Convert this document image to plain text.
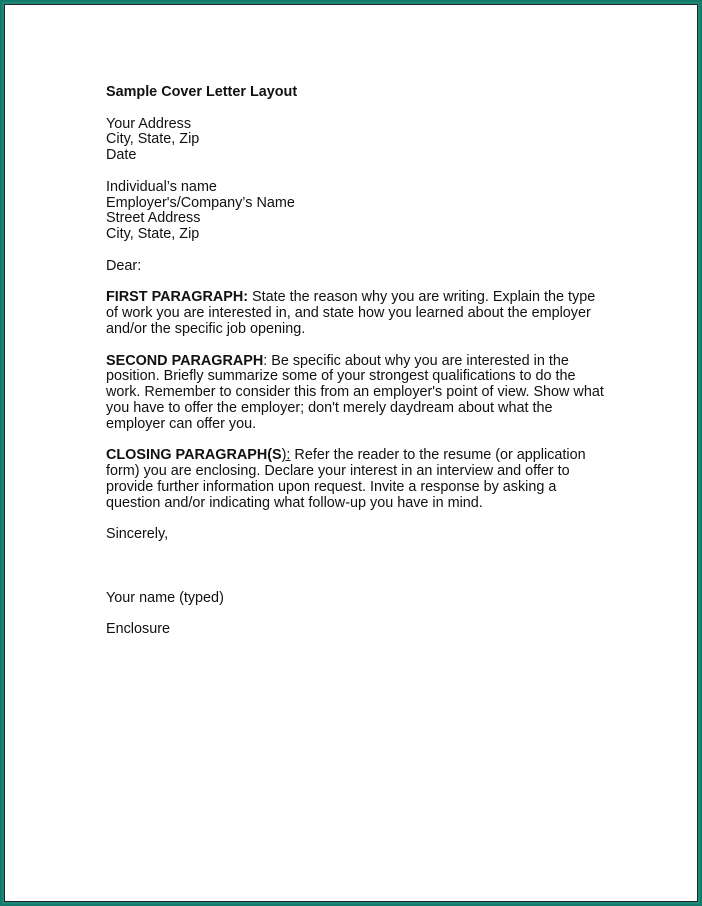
Sample Cover Letter Layout

Your Address
City, State, Zip
Date

Individual’s name
Employer's/Company’s Name
Street Address
City, State, Zip

Dear:

FIRST PARAGRAPH: State the reason why you are writing. Explain the type of work you are interested in, and state how you learned about the employer and/or the specific job opening.

SECOND PARAGRAPH: Be specific about why you are interested in the position. Briefly summarize some of your strongest qualifications to do the work. Remember to consider this from an employer's point of view. Show what you have to offer the employer; don't merely daydream about what the employer can offer you.

CLOSING PARAGRAPH(S): Refer the reader to the resume (or application form) you are enclosing. Declare your interest in an interview and offer to provide further information upon request. Invite a response by asking a question and/or indicating what follow-up you have in mind.

Sincerely,

Your name (typed)

Enclosure
